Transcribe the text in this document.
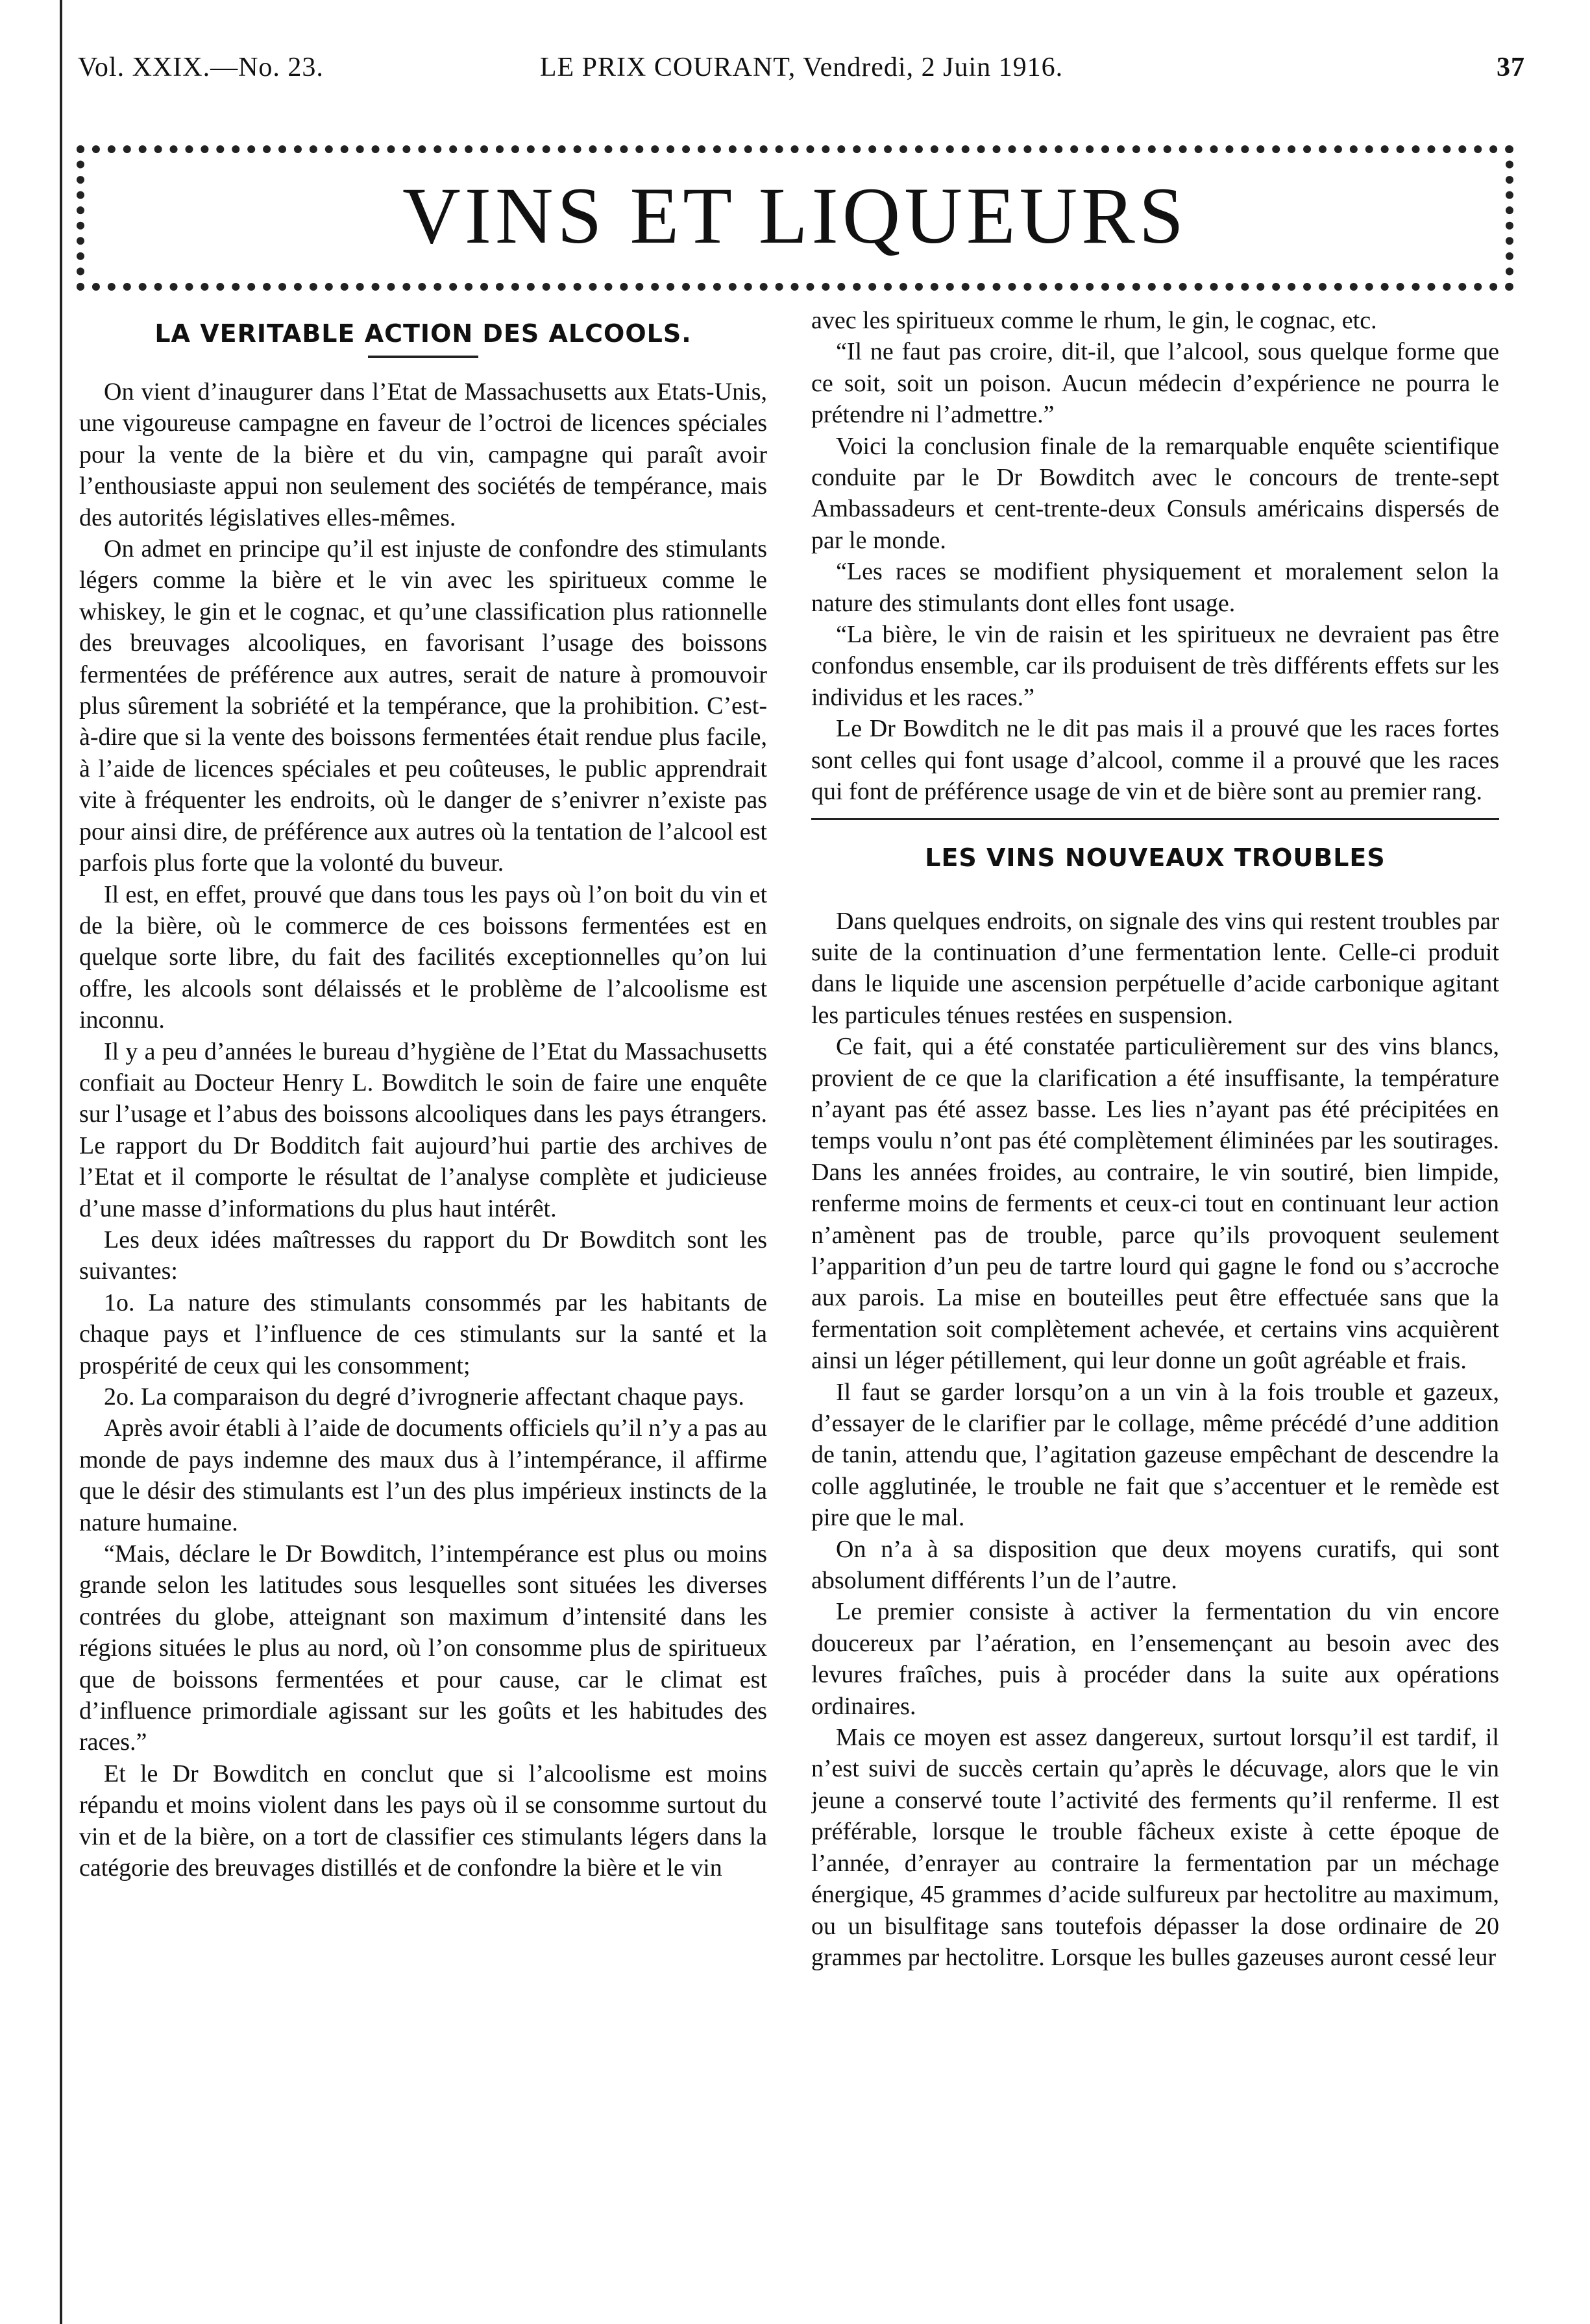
Vol. XXIX.—No. 23.	LE PRIX COURANT, Vendredi, 2 Juin 1916.	37
VINS ET LIQUEURS
LA VERITABLE ACTION DES ALCOOLS.

On vient d’inaugurer dans l’Etat de Massachusetts aux Etats-Unis, une vigoureuse campagne en faveur de l’octroi de licences spéciales pour la vente de la bière et du vin, campagne qui paraît avoir l’enthousiaste appui non seulement des sociétés de tempérance, mais des autorités législatives elles-mêmes.

On admet en principe qu’il est injuste de confondre des stimulants légers comme la bière et le vin avec les spiritueux comme le whiskey, le gin et le cognac, et qu’une classification plus rationnelle des breuvages alcooliques, en favorisant l’usage des boissons fermentées de préférence aux autres, serait de nature à promouvoir plus sûrement la sobriété et la tempérance, que la prohibition. C’est-à-dire que si la vente des boissons fermentées était rendue plus facile, à l’aide de licences spéciales et peu coûteuses, le public apprendrait vite à fréquenter les endroits, où le danger de s’enivrer n’existe pas pour ainsi dire, de préférence aux autres où la tentation de l’alcool est parfois plus forte que la volonté du buveur.

Il est, en effet, prouvé que dans tous les pays où l’on boit du vin et de la bière, où le commerce de ces boissons fermentées est en quelque sorte libre, du fait des facilités exceptionnelles qu’on lui offre, les alcools sont délaissés et le problème de l’alcoolisme est inconnu.

Il y a peu d’années le bureau d’hygiène de l’Etat du Massachusetts confiait au Docteur Henry L. Bowditch le soin de faire une enquête sur l’usage et l’abus des boissons alcooliques dans les pays étrangers. Le rapport du Dr Bodditch fait aujourd’hui partie des archives de l’Etat et il comporte le résultat de l’analyse complète et judicieuse d’une masse d’informations du plus haut intérêt.

Les deux idées maîtresses du rapport du Dr Bowditch sont les suivantes:

1o. La nature des stimulants consommés par les habitants de chaque pays et l’influence de ces stimulants sur la santé et la prospérité de ceux qui les consomment;

2o. La comparaison du degré d’ivrognerie affectant chaque pays.

Après avoir établi à l’aide de documents officiels qu’il n’y a pas au monde de pays indemne des maux dus à l’intempérance, il affirme que le désir des stimulants est l’un des plus impérieux instincts de la nature humaine.

“Mais, déclare le Dr Bowditch, l’intempérance est plus ou moins grande selon les latitudes sous lesquelles sont situées les diverses contrées du globe, atteignant son maximum d’intensité dans les régions situées le plus au nord, où l’on consomme plus de spiritueux que de boissons fermentées et pour cause, car le climat est d’influence primordiale agissant sur les goûts et les habitudes des races.”

Et le Dr Bowditch en conclut que si l’alcoolisme est moins répandu et moins violent dans les pays où il se consomme surtout du vin et de la bière, on a tort de classifier ces stimulants légers dans la catégorie des breuvages distillés et de confondre la bière et le vin

avec les spiritueux comme le rhum, le gin, le cognac, etc.

“Il ne faut pas croire, dit-il, que l’alcool, sous quelque forme que ce soit, soit un poison. Aucun médecin d’expérience ne pourra le prétendre ni l’admettre.”

Voici la conclusion finale de la remarquable enquête scientifique conduite par le Dr Bowditch avec le concours de trente-sept Ambassadeurs et cent-trente-deux Consuls américains dispersés de par le monde.

“Les races se modifient physiquement et moralement selon la nature des stimulants dont elles font usage.

“La bière, le vin de raisin et les spiritueux ne devraient pas être confondus ensemble, car ils produisent de très différents effets sur les individus et les races.”

Le Dr Bowditch ne le dit pas mais il a prouvé que les races fortes sont celles qui font usage d’alcool, comme il a prouvé que les races qui font de préférence usage de vin et de bière sont au premier rang.

LES VINS NOUVEAUX TROUBLES

Dans quelques endroits, on signale des vins qui restent troubles par suite de la continuation d’une fermentation lente. Celle-ci produit dans le liquide une ascension perpétuelle d’acide carbonique agitant les particules ténues restées en suspension.

Ce fait, qui a été constatée particulièrement sur des vins blancs, provient de ce que la clarification a été insuffisante, la température n’ayant pas été assez basse. Les lies n’ayant pas été précipitées en temps voulu n’ont pas été complètement éliminées par les soutirages. Dans les années froides, au contraire, le vin soutiré, bien limpide, renferme moins de ferments et ceux-ci tout en continuant leur action n’amènent pas de trouble, parce qu’ils provoquent seulement l’apparition d’un peu de tartre lourd qui gagne le fond ou s’accroche aux parois. La mise en bouteilles peut être effectuée sans que la fermentation soit complètement achevée, et certains vins acquièrent ainsi un léger pétillement, qui leur donne un goût agréable et frais.

Il faut se garder lorsqu’on a un vin à la fois trouble et gazeux, d’essayer de le clarifier par le collage, même précédé d’une addition de tanin, attendu que, l’agitation gazeuse empêchant de descendre la colle agglutinée, le trouble ne fait que s’accentuer et le remède est pire que le mal.

On n’a à sa disposition que deux moyens curatifs, qui sont absolument différents l’un de l’autre.

Le premier consiste à activer la fermentation du vin encore doucereux par l’aération, en l’ensemençant au besoin avec des levures fraîches, puis à procéder dans la suite aux opérations ordinaires.

Mais ce moyen est assez dangereux, surtout lorsqu’il est tardif, il n’est suivi de succès certain qu’après le décuvage, alors que le vin jeune a conservé toute l’activité des ferments qu’il renferme. Il est préférable, lorsque le trouble fâcheux existe à cette époque de l’année, d’enrayer au contraire la fermentation par un méchage énergique, 45 grammes d’acide sulfureux par hectolitre au maximum, ou un bisulfitage sans toutefois dépasser la dose ordinaire de 20 grammes par hectolitre. Lorsque les bulles gazeuses auront cessé leur
